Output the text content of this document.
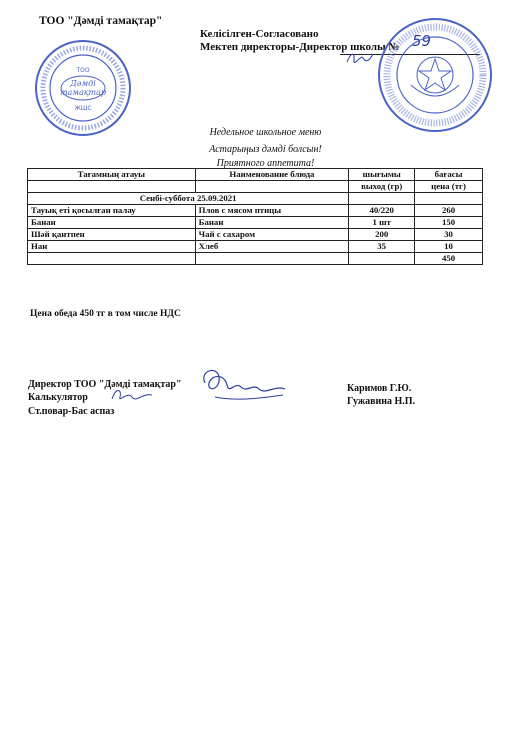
ТОО "Дәмді тамақтар"
Келісілген-Согласовано
Мектеп директоры-Директор школы № 59
ТОО
Дәмді
тамақтар
ЖШС
Недельное школьное меню
Астарыңыз дәмді болсын!
Приятного аппетита!
Тағамның атауы	Наименование блюда	шығымы	бағасы
		выход (гр)	цена (тг)
Сенбі-суббота 25.09.2021			
Тауық еті қосылған палау	Плов с мясом птицы	40/220	260
Банан	Банан	1 шт	150
Шәй қантпен	Чай с сахаром	200	30
Нан	Хлеб	35	10
			450
Цена обеда 450 тг в том числе НДС
Директор ТОО "Дәмді тамақтар"
Калькулятор
Ст.повар-Бас аспаз
Каримов Г.Ю.
Гужавина Н.П.
